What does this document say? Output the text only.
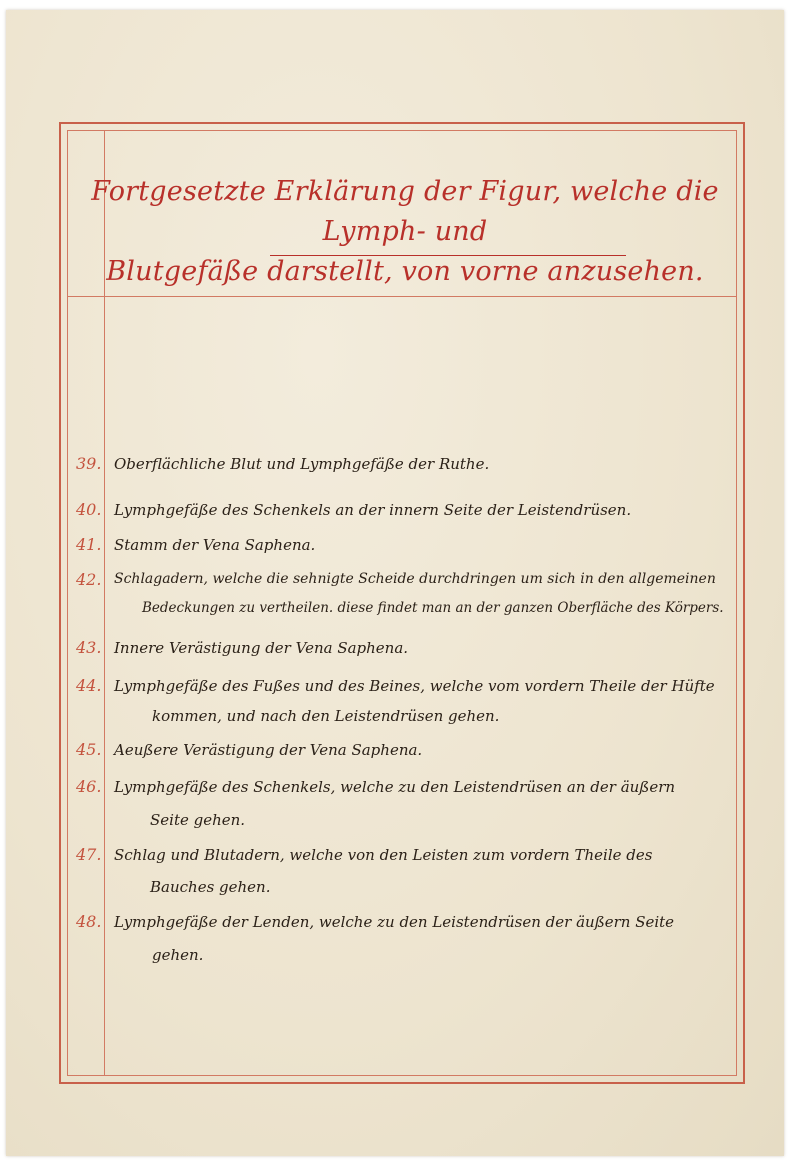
Fortgesetzte Erklärung der Figur, welche die Lymph- und
Blutgefäße darstellt, von vorne anzusehen.
39. Oberflächliche Blut und Lymphgefäße der Ruthe.
40. Lymphgefäße des Schenkels an der innern Seite der Leistendrüsen.
41. Stamm der Vena Saphena.
42. Schlagadern, welche die sehnigte Scheide durchdringen um sich in den allgemeinen
Bedeckungen zu vertheilen. diese findet man an der ganzen Oberfläche des Körpers.
43. Innere Verästigung der Vena Saphena.
44. Lymphgefäße des Fußes und des Beines, welche vom vordern Theile der Hüfte
kommen, und nach den Leistendrüsen gehen.
45. Aeußere Verästigung der Vena Saphena.
46. Lymphgefäße des Schenkels, welche zu den Leistendrüsen an der äußern
Seite gehen.
47. Schlag und Blutadern, welche von den Leisten zum vordern Theile des
Bauches gehen.
48. Lymphgefäße der Lenden, welche zu den Leistendrüsen der äußern Seite
gehen.
